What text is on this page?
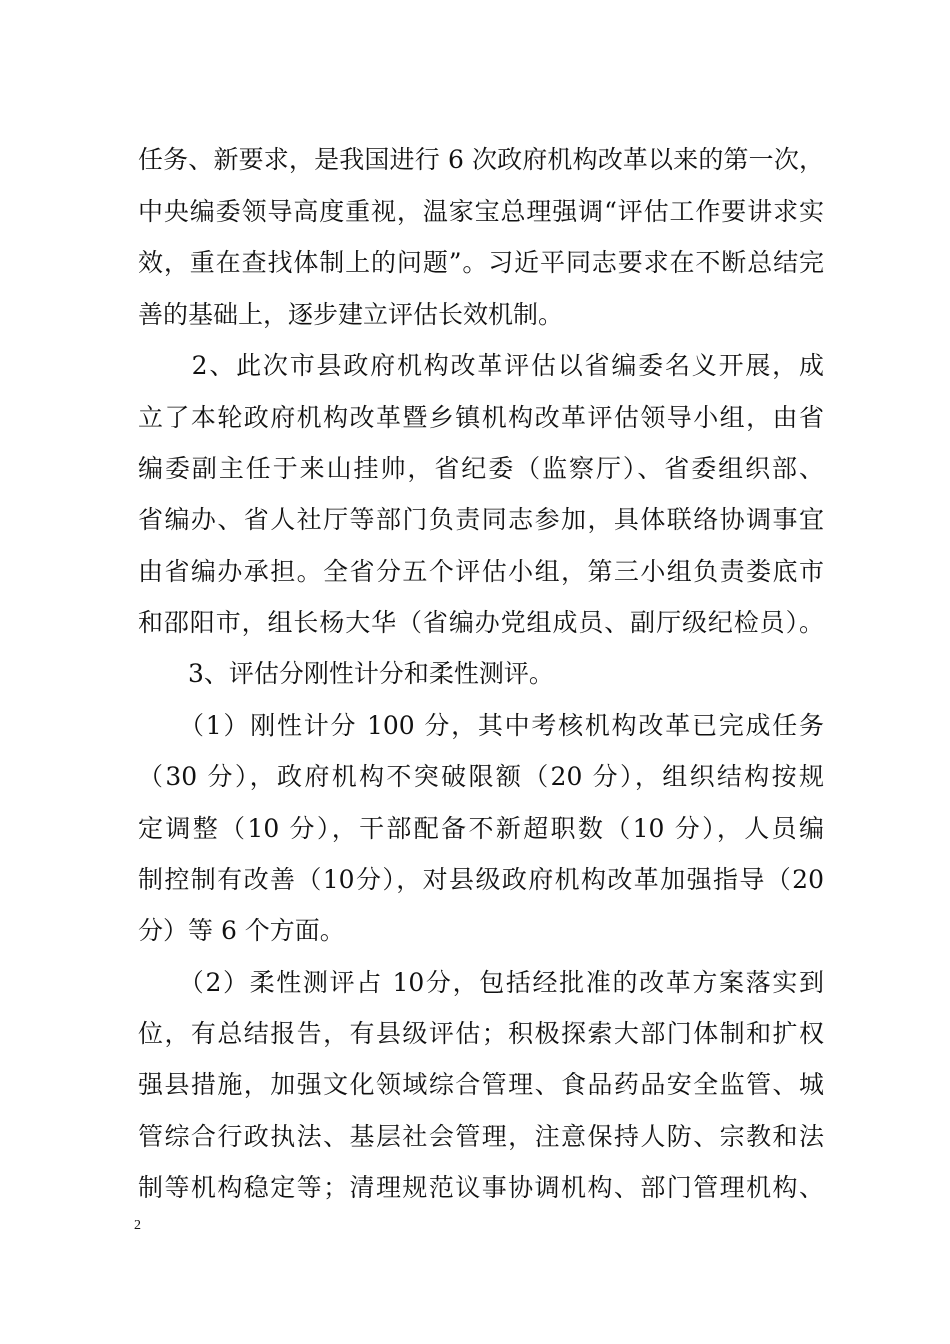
任务、新要求，是我国进行 6 次政府机构改革以来的第一次，
中央编委领导高度重视，温家宝总理强调“评估工作要讲求实
效，重在查找体制上的问题”。习近平同志要求在不断总结完
善的基础上，逐步建立评估长效机制。
　　2、此次市县政府机构改革评估以省编委名义开展，成
立了本轮政府机构改革暨乡镇机构改革评估领导小组，由省
编委副主任于来山挂帅，省纪委（监察厅）、省委组织部、
省编办、省人社厅等部门负责同志参加，具体联络协调事宜
由省编办承担。全省分五个评估小组，第三小组负责娄底市
和邵阳市，组长杨大华（省编办党组成员、副厅级纪检员）。
　　3、评估分刚性计分和柔性测评。
　　（1）刚性计分 100 分，其中考核机构改革已完成任务
（30 分），政府机构不突破限额（20 分），组织结构按规
定调整（10 分），干部配备不新超职数（10 分），人员编
制控制有改善（10分），对县级政府机构改革加强指导（20
分）等 6 个方面。
　　（2）柔性测评占 10分，包括经批准的改革方案落实到
位，有总结报告，有县级评估；积极探索大部门体制和扩权
强县措施，加强文化领域综合管理、食品药品安全监管、城
管综合行政执法、基层社会管理，注意保持人防、宗教和法
制等机构稳定等；清理规范议事协调机构、部门管理机构、
2
